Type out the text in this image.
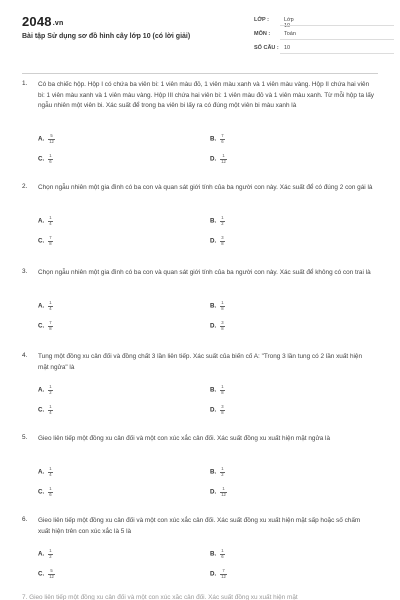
2048.vn
Bài tập Sử dụng sơ đồ hình cây lớp 10 (có lời giải)
LỚP :	Lớp 10
MÔN :	Toán
SỐ CÂU : 10
1. Có ba chiếc hộp. Hộp I có chứa ba viên bi: 1 viên màu đỏ, 1 viên màu xanh và 1 viên màu vàng. Hộp II chứa hai viên bi: 1 viên màu xanh và 1 viên màu vàng. Hộp III chứa hai viên bi: 1 viên màu đỏ và 1 viên màu xanh. Từ mỗi hộp ta lấy ngẫu nhiên một viên bi. Xác suất để trong ba viên bi lấy ra có đúng một viên bi màu xanh là
A. $\frac{5}{12}$	B. $\frac{7}{6}$
C. $\frac{1}{6}$	D. $\frac{1}{12}$
2. Chọn ngẫu nhiên một gia đình có ba con và quan sát giới tính của ba người con này. Xác suất để có đúng 2 con gái là
A. $\frac{1}{4}$	B. $\frac{1}{2}$
C. $\frac{7}{8}$	D. $\frac{3}{8}$
3. Chọn ngẫu nhiên một gia đình có ba con và quan sát giới tính của ba người con này. Xác suất để không có con trai là
A. $\frac{1}{4}$	B. $\frac{1}{8}$
C. $\frac{7}{8}$	D. $\frac{3}{8}$
4. Tung một đồng xu cân đối và đồng chất 3 lần liên tiếp. Xác suất của biến cố A: "Trong 3 lần tung có 2 lần xuất hiện mặt ngửa" là
A. $\frac{1}{2}$	B. $\frac{1}{8}$
C. $\frac{1}{4}$	D. $\frac{3}{8}$
5. Gieo liên tiếp một đồng xu cân đối và một con xúc xắc cân đối. Xác suất đồng xu xuất hiện mặt ngửa là
A. $\frac{1}{4}$	B. $\frac{1}{2}$
C. $\frac{1}{6}$	D. $\frac{1}{12}$
6. Gieo liên tiếp một đồng xu cân đối và một con xúc xắc cân đối. Xác suất đồng xu xuất hiện mặt sấp hoặc số chấm xuất hiện trên con xúc xắc là 5 là
A. $\frac{1}{2}$	B. $\frac{1}{6}$
C. $\frac{5}{12}$	D. $\frac{7}{12}$
7. Gieo liên tiếp một đồng xu cân đối và một con xúc xắc cân đối. Xác suất đồng xu xuất hiện mặt
